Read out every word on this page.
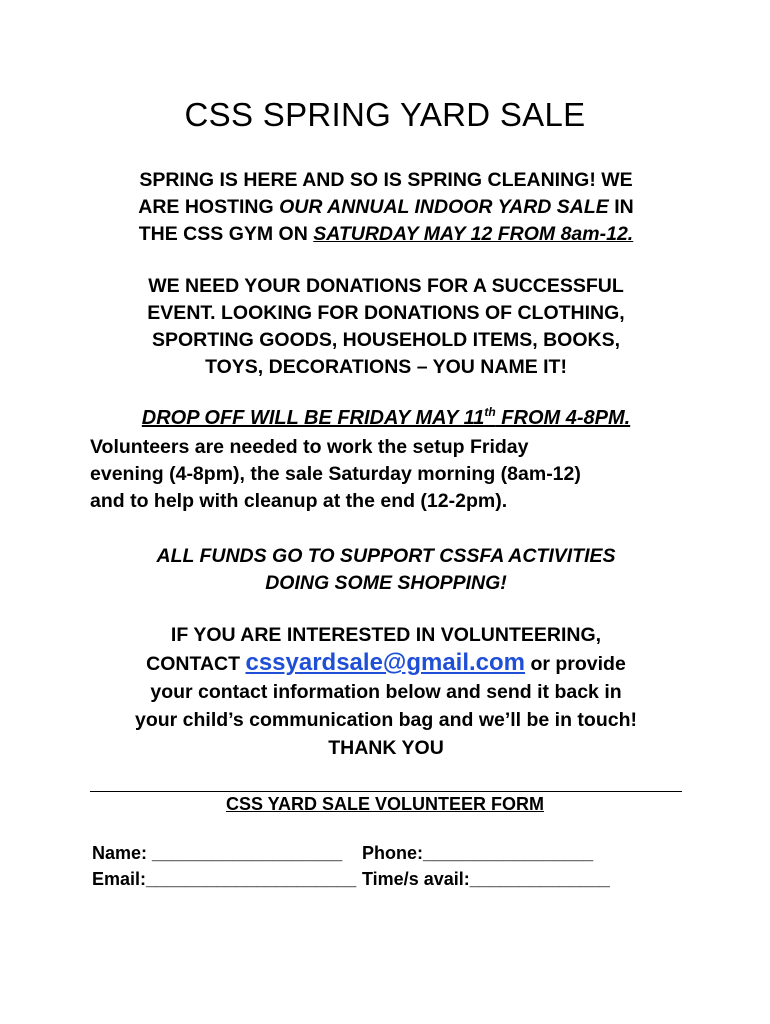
CSS SPRING YARD SALE
SPRING IS HERE AND SO IS SPRING CLEANING! WE
ARE HOSTING OUR ANNUAL INDOOR YARD SALE IN
THE CSS GYM ON SATURDAY MAY 12 FROM 8am-12.
WE NEED YOUR DONATIONS FOR A SUCCESSFUL
EVENT. LOOKING FOR DONATIONS OF CLOTHING,
SPORTING GOODS, HOUSEHOLD ITEMS, BOOKS,
TOYS, DECORATIONS – YOU NAME IT!
DROP OFF WILL BE FRIDAY MAY 11th FROM 4-8PM.
Volunteers are needed to work the setup Friday
evening (4-8pm), the sale Saturday morning (8am-12)
and to help with cleanup at the end (12-2pm).
ALL FUNDS GO TO SUPPORT CSSFA ACTIVITIES
DOING SOME SHOPPING!
IF YOU ARE INTERESTED IN VOLUNTEERING,
CONTACT cssyardsale@gmail.com or provide
your contact information below and send it back in
your child’s communication bag and we’ll be in touch!
THANK YOU
CSS YARD SALE VOLUNTEER FORM
Name: ___________________ Phone:_________________
Email:_____________________ Time/s avail:______________
